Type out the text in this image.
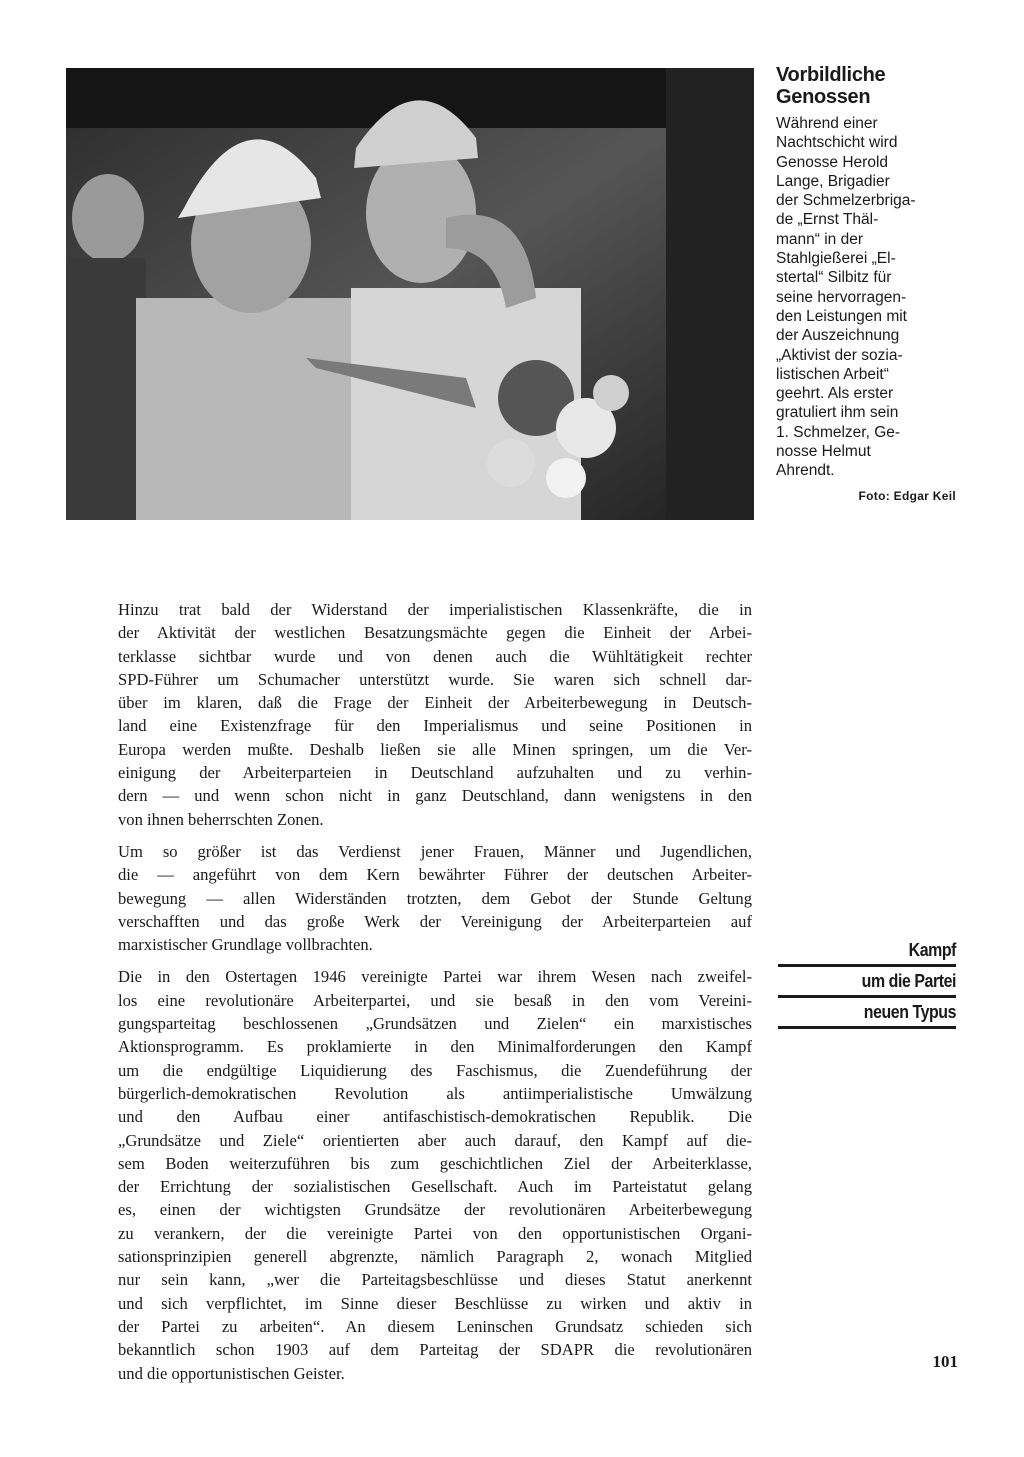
Vorbildliche
Genossen
Während einer
Nachtschicht wird
Genosse Herold
Lange, Brigadier
der Schmelzerbriga-
de „Ernst Thäl-
mann“ in der
Stahlgießerei „El-
stertal“ Silbitz für
seine hervorragen-
den Leistungen mit
der Auszeichnung
„Aktivist der sozia-
listischen Arbeit“
geehrt. Als erster
gratuliert ihm sein
1. Schmelzer, Ge-
nosse Helmut
Ahrendt.
Foto: Edgar Keil
Hinzu trat bald der Widerstand der imperialistischen Klassenkräfte, die in
der Aktivität der westlichen Besatzungsmächte gegen die Einheit der Arbei-
terklasse sichtbar wurde und von denen auch die Wühltätigkeit rechter
SPD-Führer um Schumacher unterstützt wurde. Sie waren sich schnell dar-
über im klaren, daß die Frage der Einheit der Arbeiterbewegung in Deutsch-
land eine Existenzfrage für den Imperialismus und seine Positionen in
Europa werden mußte. Deshalb ließen sie alle Minen springen, um die Ver-
einigung der Arbeiterparteien in Deutschland aufzuhalten und zu verhin-
dern — und wenn schon nicht in ganz Deutschland, dann wenigstens in den
von ihnen beherrschten Zonen.
Um so größer ist das Verdienst jener Frauen, Männer und Jugendlichen,
die — angeführt von dem Kern bewährter Führer der deutschen Arbeiter-
bewegung — allen Widerständen trotzten, dem Gebot der Stunde Geltung
verschafften und das große Werk der Vereinigung der Arbeiterparteien auf
marxistischer Grundlage vollbrachten.
Die in den Ostertagen 1946 vereinigte Partei war ihrem Wesen nach zweifel-
los eine revolutionäre Arbeiterpartei, und sie besaß in den vom Vereini-
gungsparteitag beschlossenen „Grundsätzen und Zielen“ ein marxistisches
Aktionsprogramm. Es proklamierte in den Minimalforderungen den Kampf
um die endgültige Liquidierung des Faschismus, die Zuendeführung der
bürgerlich-demokratischen Revolution als antiimperialistische Umwälzung
und den Aufbau einer antifaschistisch-demokratischen Republik. Die
„Grundsätze und Ziele“ orientierten aber auch darauf, den Kampf auf die-
sem Boden weiterzuführen bis zum geschichtlichen Ziel der Arbeiterklasse,
der Errichtung der sozialistischen Gesellschaft. Auch im Parteistatut gelang
es, einen der wichtigsten Grundsätze der revolutionären Arbeiterbewegung
zu verankern, der die vereinigte Partei von den opportunistischen Organi-
sationsprinzipien generell abgrenzte, nämlich Paragraph 2, wonach Mitglied
nur sein kann, „wer die Parteitagsbeschlüsse und dieses Statut anerkennt
und sich verpflichtet, im Sinne dieser Beschlüsse zu wirken und aktiv in
der Partei zu arbeiten“. An diesem Leninschen Grundsatz schieden sich
bekanntlich schon 1903 auf dem Parteitag der SDAPR die revolutionären
und die opportunistischen Geister.
Kampf
um die Partei
neuen Typus
101
